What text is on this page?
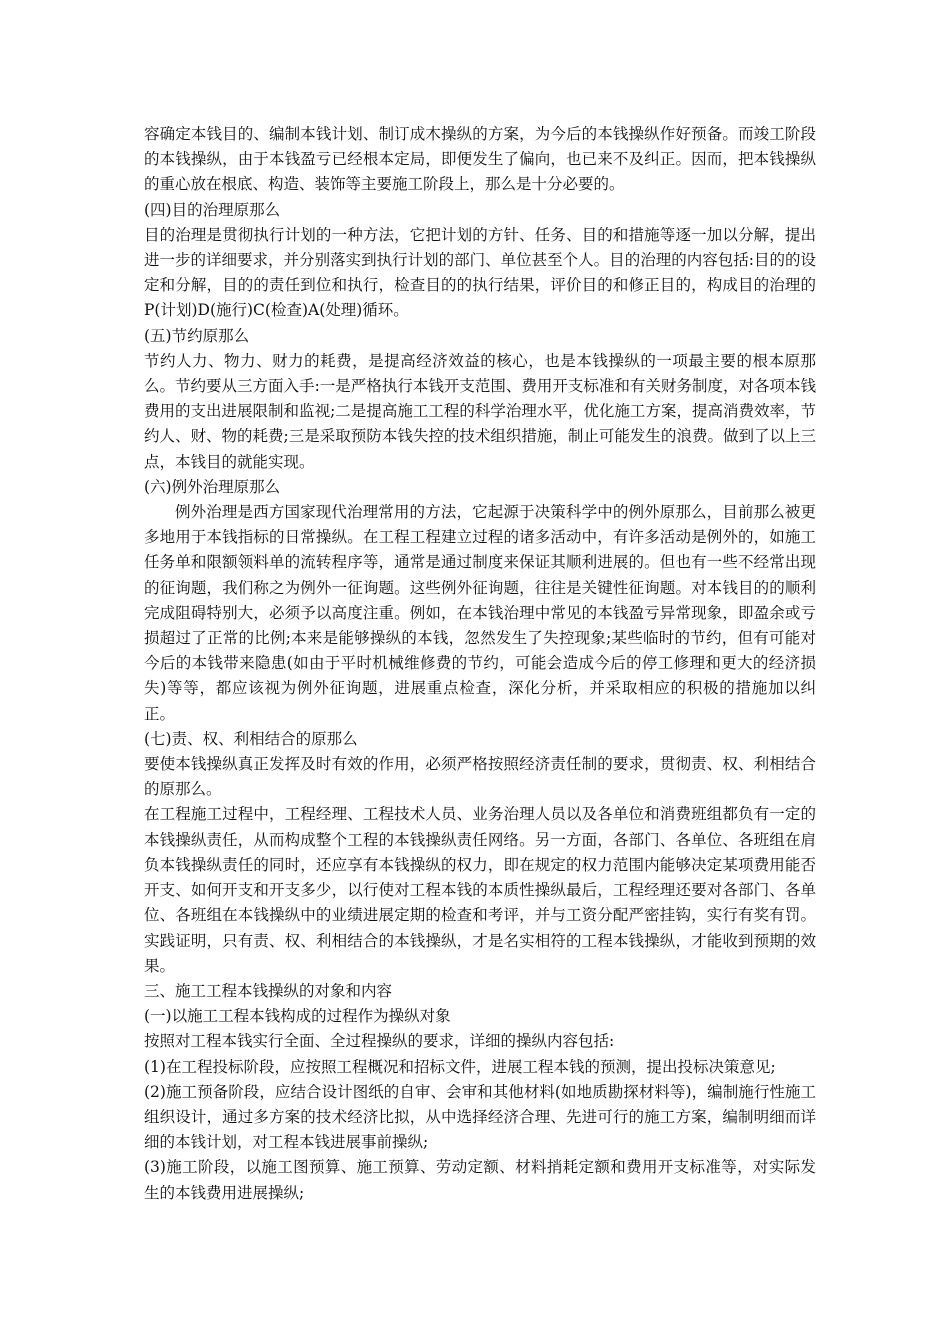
容确定本钱目的、编制本钱计划、制订成木操纵的方案，为今后的本钱操纵作好预备。而竣工阶段的本钱操纵，由于本钱盈亏已经根本定局，即便发生了偏向，也已来不及纠正。因而，把本钱操纵的重心放在根底、构造、装饰等主要施工阶段上，那么是十分必要的。

(四)目的治理原那么

目的治理是贯彻执行计划的一种方法，它把计划的方针、任务、目的和措施等逐一加以分解，提出进一步的详细要求，并分别落实到执行计划的部门、单位甚至个人。目的治理的内容包括:目的的设定和分解，目的的责任到位和执行，检查目的的执行结果，评价目的和修正目的，构成目的治理的 P(计划)D(施行)C(检查)A(处理)循环。

(五)节约原那么

节约人力、物力、财力的耗费，是提高经济效益的核心，也是本钱操纵的一项最主要的根本原那么。节约要从三方面入手:一是严格执行本钱开支范围、费用开支标准和有关财务制度，对各项本钱费用的支出进展限制和监视;二是提高施工工程的科学治理水平，优化施工方案，提高消费效率，节约人、财、物的耗费;三是采取预防本钱失控的技术组织措施，制止可能发生的浪费。做到了以上三点，本钱目的就能实现。

(六)例外治理原那么

例外治理是西方国家现代治理常用的方法，它起源于决策科学中的例外原那么，目前那么被更多地用于本钱指标的日常操纵。在工程工程建立过程的诸多活动中，有许多活动是例外的，如施工任务单和限额领料单的流转程序等，通常是通过制度来保证其顺利进展的。但也有一些不经常出现的征询题，我们称之为例外一征询题。这些例外征询题，往往是关键性征询题。对本钱目的的顺利完成阻碍特别大，必须予以高度注重。例如，在本钱治理中常见的本钱盈亏异常现象，即盈余或亏损超过了正常的比例;本来是能够操纵的本钱，忽然发生了失控现象;某些临时的节约，但有可能对今后的本钱带来隐患(如由于平时机械维修费的节约，可能会造成今后的停工修理和更大的经济损失)等等，都应该视为例外征询题，进展重点检查，深化分析，并采取相应的积极的措施加以纠正。

(七)责、权、利相结合的原那么

要使本钱操纵真正发挥及时有效的作用，必须严格按照经济责任制的要求，贯彻责、权、利相结合的原那么。

在工程施工过程中，工程经理、工程技术人员、业务治理人员以及各单位和消费班组都负有一定的本钱操纵责任，从而构成整个工程的本钱操纵责任网络。另一方面，各部门、各单位、各班组在肩负本钱操纵责任的同时，还应享有本钱操纵的权力，即在规定的权力范围内能够决定某项费用能否开支、如何开支和开支多少，以行使对工程本钱的本质性操纵最后，工程经理还要对各部门、各单位、各班组在本钱操纵中的业绩进展定期的检查和考评，并与工资分配严密挂钩，实行有奖有罚。实践证明，只有责、权、利相结合的本钱操纵，才是名实相符的工程本钱操纵，才能收到预期的效果。

三、施工工程本钱操纵的对象和内容

(一)以施工工程本钱构成的过程作为操纵对象

按照对工程本钱实行全面、全过程操纵的要求，详细的操纵内容包括:

(1)在工程投标阶段，应按照工程概况和招标文件，进展工程本钱的预测，提出投标决策意见;

(2)施工预备阶段，应结合设计图纸的自审、会审和其他材料(如地质勘探材料等)，编制施行性施工组织设计，通过多方案的技术经济比拟，从中选择经济合理、先进可行的施工方案，编制明细而详细的本钱计划，对工程本钱进展事前操纵;

(3)施工阶段，以施工图预算、施工预算、劳动定额、材料捎耗定额和费用开支标准等，对实际发生的本钱费用进展操纵;
